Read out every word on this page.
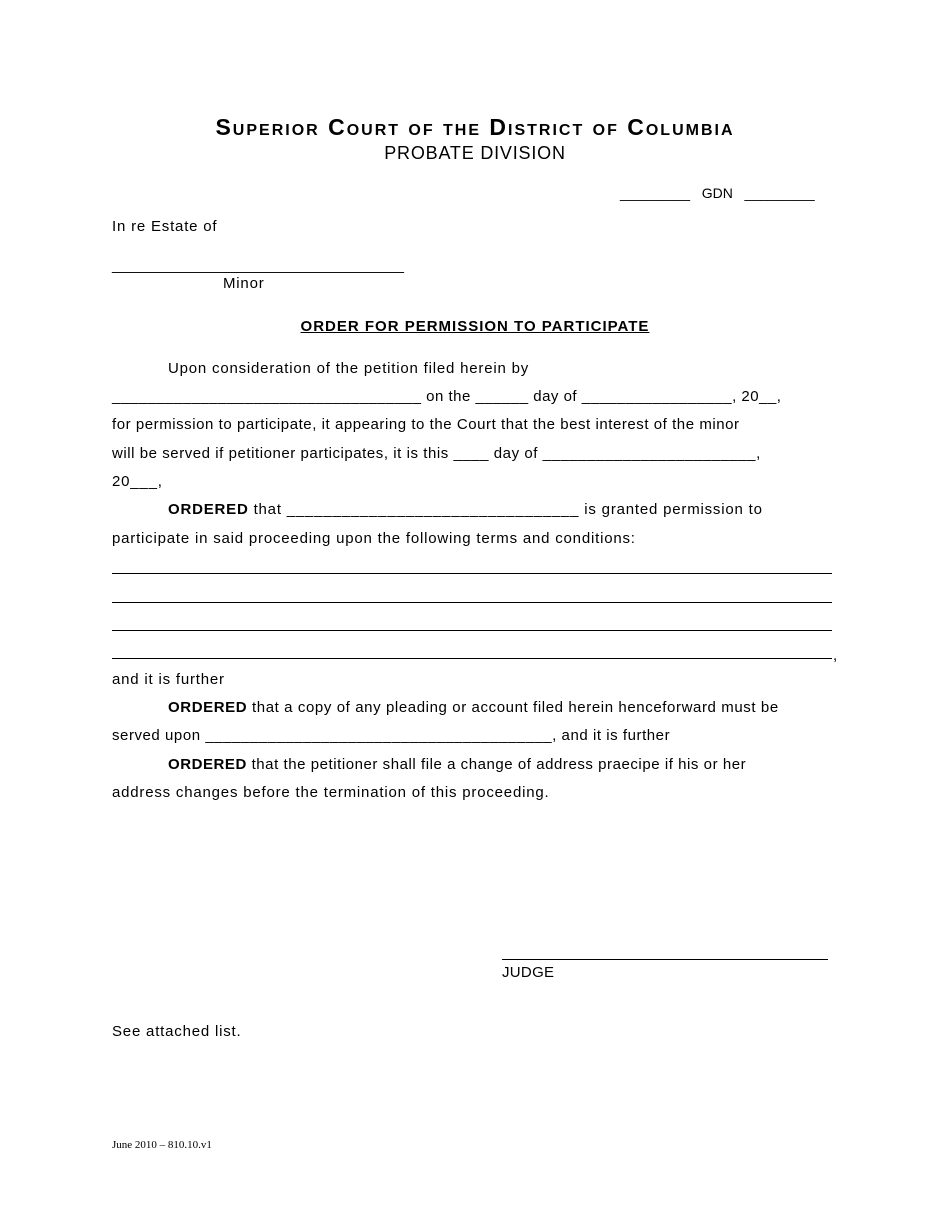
Superior Court of the District of Columbia
PROBATE DIVISION
_________ GDN _________
In re Estate of
___________________________________
Minor
ORDER FOR PERMISSION TO PARTICIPATE
Upon consideration of the petition filed herein by
___________________________________ on the ______ day of _________________, 20__,
for permission to participate, it appearing to the Court that the best interest of the minor
will be served if petitioner participates, it is this ____ day of ________________________,
20___,
ORDERED that ________________________________ is granted permission to
participate in said proceeding upon the following terms and conditions:
,
and it is further
ORDERED that a copy of any pleading or account filed herein henceforward must be
served upon _______________________________________, and it is further
ORDERED that the petitioner shall file a change of address praecipe if his or her
address changes before the termination of this proceeding.
JUDGE
See attached list.
June 2010 – 810.10.v1
